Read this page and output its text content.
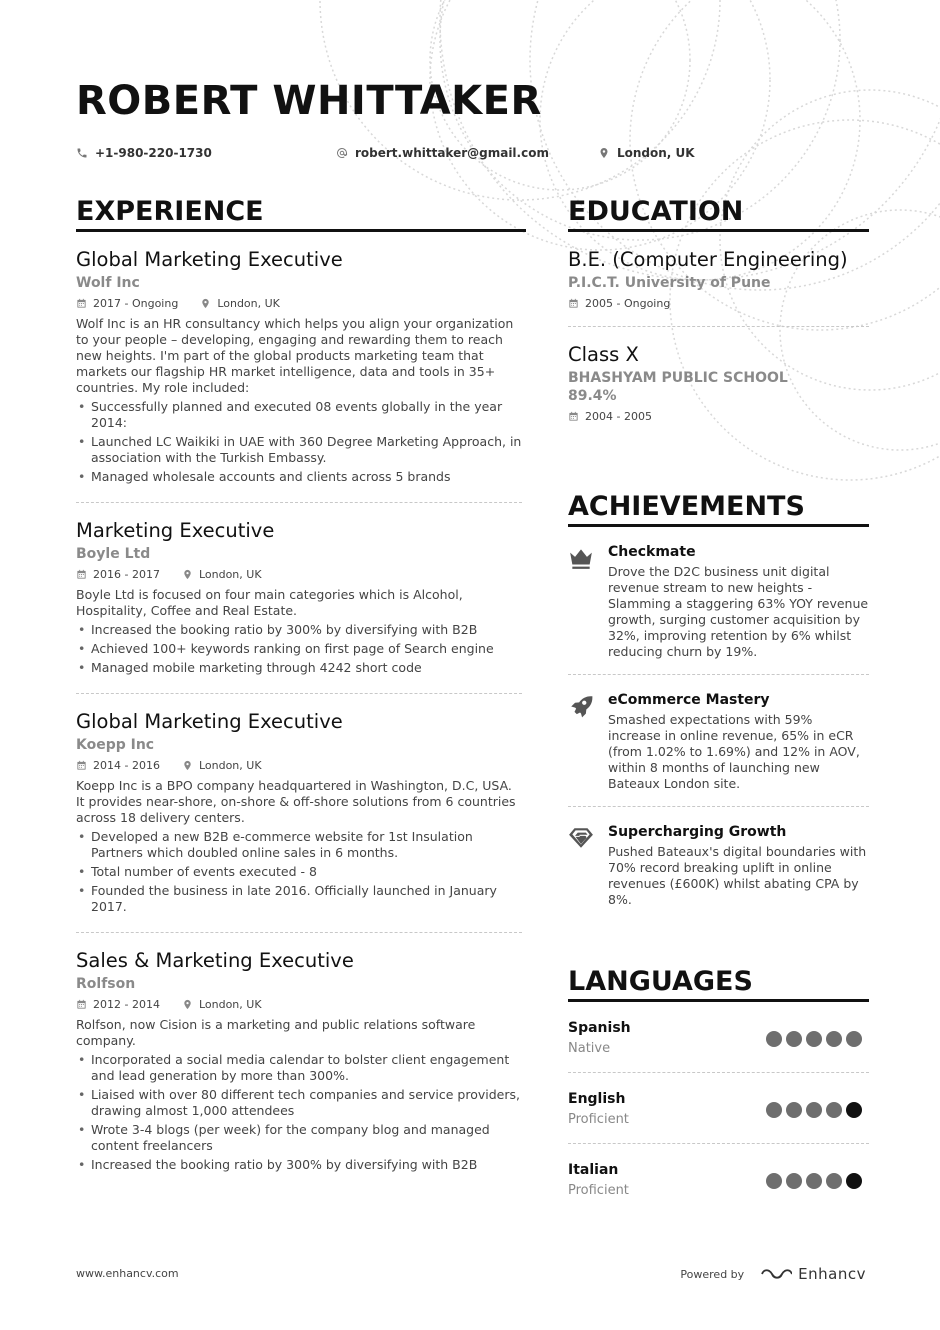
ROBERT WHITTAKER
+1-980-220-1730	robert.whittaker@gmail.com	London, UK
EXPERIENCE
Global Marketing Executive
Wolf Inc
2017 - Ongoing	London, UK
Wolf Inc is an HR consultancy which helps you align your organization to your people – developing, engaging and rewarding them to reach new heights. I'm part of the global products marketing team that markets our flagship HR market intelligence, data and tools in 35+ countries. My role included:
• Successfully planned and executed 08 events globally in the year 2014:
• Launched LC Waikiki in UAE with 360 Degree Marketing Approach, in association with the Turkish Embassy.
• Managed wholesale accounts and clients across 5 brands
Marketing Executive
Boyle Ltd
2016 - 2017	London, UK
Boyle Ltd is focused on four main categories which is Alcohol, Hospitality, Coffee and Real Estate.
• Increased the booking ratio by 300% by diversifying with B2B
• Achieved 100+ keywords ranking on first page of Search engine
• Managed mobile marketing through 4242 short code
Global Marketing Executive
Koepp Inc
2014 - 2016	London, UK
Koepp Inc is a BPO company headquartered in Washington, D.C, USA. It provides near-shore, on-shore & off-shore solutions from 6 countries across 18 delivery centers.
• Developed a new B2B e-commerce website for 1st Insulation Partners which doubled online sales in 6 months.
• Total number of events executed - 8
• Founded the business in late 2016. Officially launched in January 2017.
Sales & Marketing Executive
Rolfson
2012 - 2014	London, UK
Rolfson, now Cision is a marketing and public relations software company.
• Incorporated a social media calendar to bolster client engagement and lead generation by more than 300%.
• Liaised with over 80 different tech companies and service providers, drawing almost 1,000 attendees
• Wrote 3-4 blogs (per week) for the company blog and managed content freelancers
• Increased the booking ratio by 300% by diversifying with B2B
EDUCATION
B.E. (Computer Engineering)
P.I.C.T. University of Pune
2005 - Ongoing
Class X
BHASHYAM PUBLIC SCHOOL
89.4%
2004 - 2005
ACHIEVEMENTS
Checkmate
Drove the D2C business unit digital revenue stream to new heights - Slamming a staggering 63% YOY revenue growth, surging customer acquisition by 32%, improving retention by 6% whilst reducing churn by 19%.
eCommerce Mastery
Smashed expectations with 59% increase in online revenue, 65% in eCR (from 1.02% to 1.69%) and 12% in AOV, within 8 months of launching new Bateaux London site.
Supercharging Growth
Pushed Bateaux's digital boundaries with 70% record breaking uplift in online revenues (£600K) whilst abating CPA by 8%.
LANGUAGES
Spanish
Native
English
Proficient
Italian
Proficient
www.enhancv.com	Powered by	Enhancv
